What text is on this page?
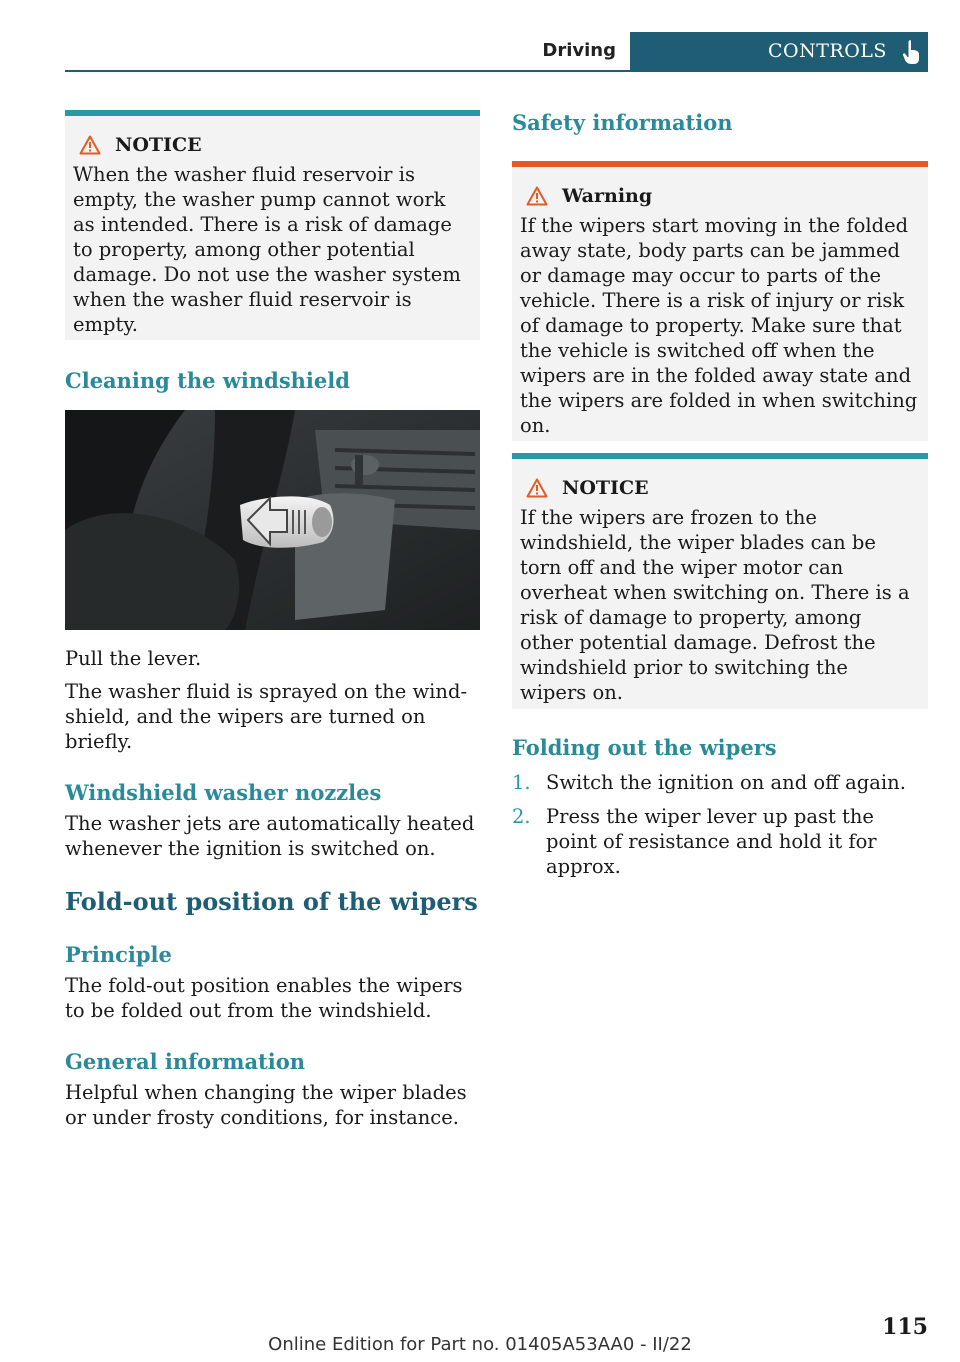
Driving	CONTROLS
NOTICE
When the washer fluid reservoir is empty, the washer pump cannot work as intended. There is a risk of damage to property, among other potential damage. Do not use the washer system when the washer fluid reservoir is empty.
Cleaning the windshield

Pull the lever.

The washer fluid is sprayed on the wind‐shield, and the wipers are turned on briefly.

Windshield washer nozzles

The washer jets are automatically heated whenever the ignition is switched on.

Fold-out position of the wipers
Principle

The fold-out position enables the wipers to be folded out from the windshield.

General information

Helpful when changing the wiper blades or under frosty conditions, for instance.

Safety information
Warning
If the wipers start moving in the folded away state, body parts can be jammed or damage may occur to parts of the vehicle. There is a risk of injury or risk of damage to property. Make sure that the vehicle is switched off when the wipers are in the folded away state and the wipers are folded in when switching on.
NOTICE
If the wipers are frozen to the windshield, the wiper blades can be torn off and the wiper motor can overheat when switching on. There is a risk of damage to property, among other potential damage. Defrost the windshield prior to switching the wipers on.
Folding out the wipers
1. Switch the ignition on and off again.
2. Press the wiper lever up past the point of resistance and hold it for approx.
115
Online Edition for Part no. 01405A53AA0 - II/22
